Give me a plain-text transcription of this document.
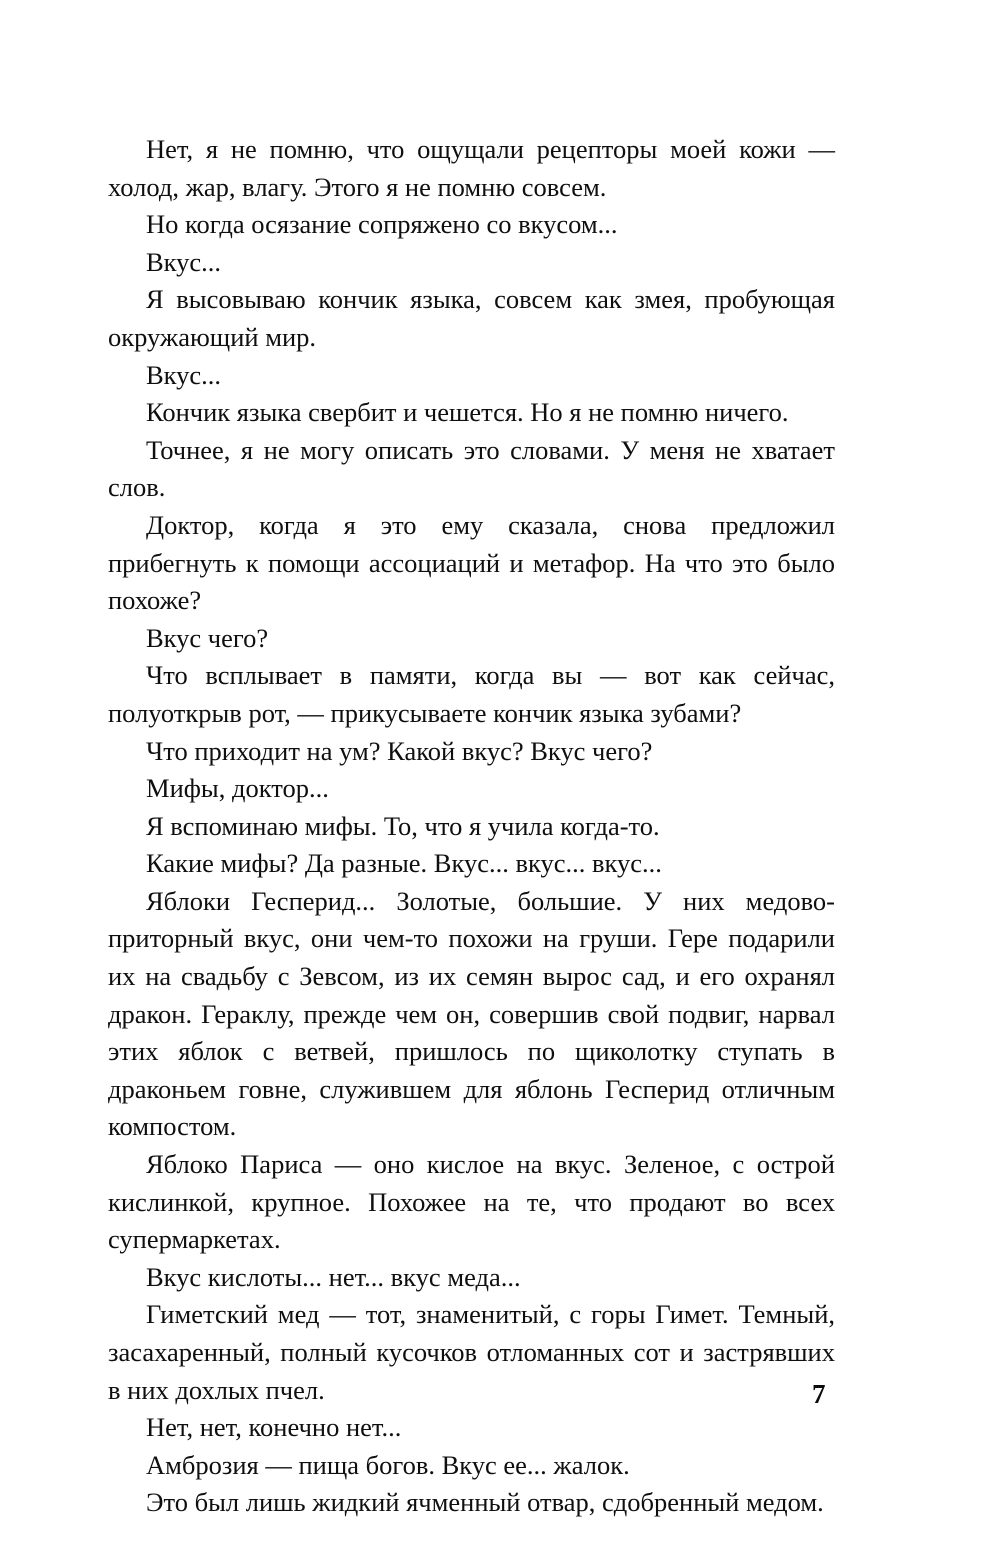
Нет, я не помню, что ощущали рецепторы моей кожи — холод, жар, влагу. Этого я не помню совсем.

Но когда осязание сопряжено со вкусом...

Вкус...

Я высовываю кончик языка, совсем как змея, пробующая окружающий мир.

Вкус...

Кончик языка свербит и чешется. Но я не помню ничего.

Точнее, я не могу описать это словами. У меня не хватает слов.

Доктор, когда я это ему сказала, снова предложил прибегнуть к помощи ассоциаций и метафор. На что это было похоже?

Вкус чего?

Что всплывает в памяти, когда вы — вот как сейчас, полуоткрыв рот, — прикусываете кончик языка зубами?

Что приходит на ум? Какой вкус? Вкус чего?

Мифы, доктор...

Я вспоминаю мифы. То, что я учила когда-то.

Какие мифы? Да разные. Вкус... вкус... вкус...

Яблоки Гесперид... Золотые, большие. У них медово-приторный вкус, они чем-то похожи на груши. Гере подарили их на свадьбу с Зевсом, из их семян вырос сад, и его охранял дракон. Гераклу, прежде чем он, совершив свой подвиг, нарвал этих яблок с ветвей, пришлось по щиколотку ступать в драконьем говне, служившем для яблонь Гесперид отличным компостом.

Яблоко Париса — оно кислое на вкус. Зеленое, с острой кислинкой, крупное. Похожее на те, что продают во всех супермаркетах.

Вкус кислоты... нет... вкус меда...

Гиметский мед — тот, знаменитый, с горы Гимет. Темный, засахаренный, полный кусочков отломанных сот и застрявших в них дохлых пчел.

Нет, нет, конечно нет...

Амброзия — пища богов. Вкус ее... жалок.

Это был лишь жидкий ячменный отвар, сдобренный медом.

7
